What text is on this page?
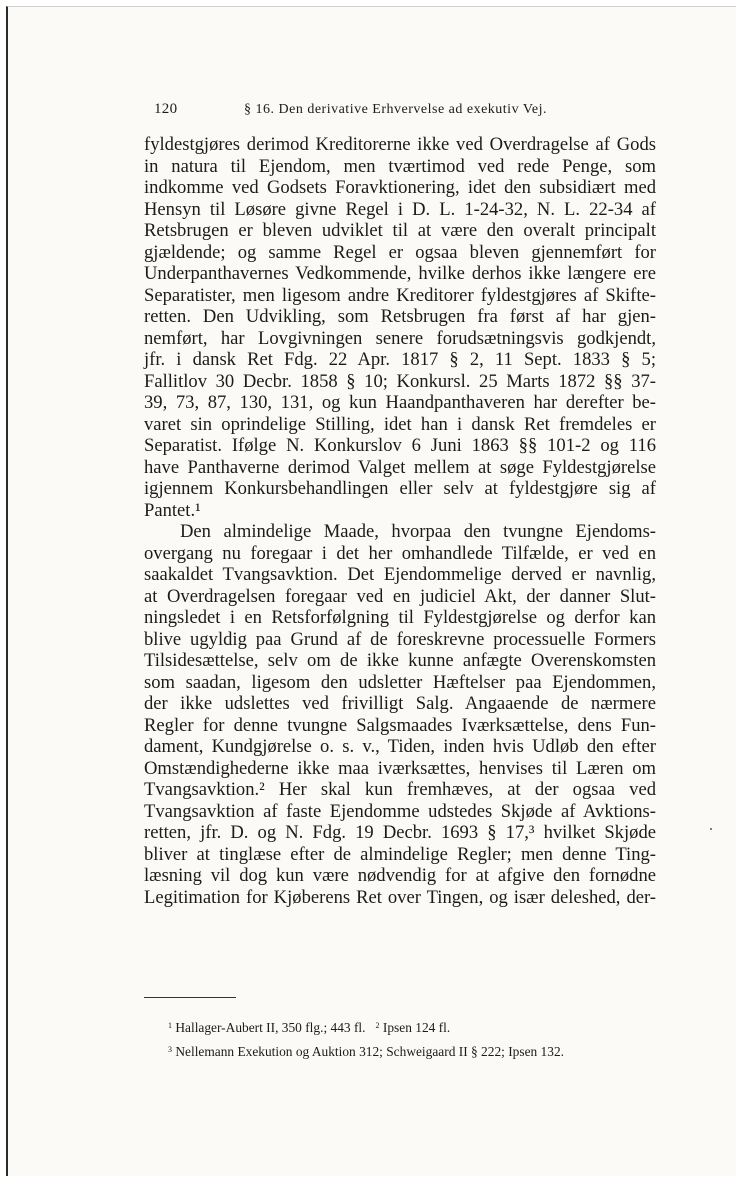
120	§ 16. Den derivative Erhvervelse ad exekutiv Vej.
fyldestgjøres derimod Kreditorerne ikke ved Overdragelse af Gods
in natura til Ejendom, men tværtimod ved rede Penge, som
indkomme ved Godsets Foravktionering, idet den subsidiært med
Hensyn til Løsøre givne Regel i D. L. 1-24-32, N. L. 22-34 af
Retsbrugen er bleven udviklet til at være den overalt principalt
gjældende; og samme Regel er ogsaa bleven gjennemført for
Underpanthavernes Vedkommende, hvilke derhos ikke længere ere
Separatister, men ligesom andre Kreditorer fyldestgjøres af Skifte-
retten. Den Udvikling, som Retsbrugen fra først af har gjen-
nemført, har Lovgivningen senere forudsætningsvis godkjendt,
jfr. i dansk Ret Fdg. 22 Apr. 1817 § 2, 11 Sept. 1833 § 5;
Fallitlov 30 Decbr. 1858 § 10; Konkursl. 25 Marts 1872 §§ 37-
39, 73, 87, 130, 131, og kun Haandpanthaveren har derefter be-
varet sin oprindelige Stilling, idet han i dansk Ret fremdeles er
Separatist. Ifølge N. Konkurslov 6 Juni 1863 §§ 101-2 og 116
have Panthaverne derimod Valget mellem at søge Fyldestgjørelse
igjennem Konkursbehandlingen eller selv at fyldestgjøre sig af
Pantet.¹
Den almindelige Maade, hvorpaa den tvungne Ejendoms-
overgang nu foregaar i det her omhandlede Tilfælde, er ved en
saakaldet Tvangsavktion. Det Ejendommelige derved er navnlig,
at Overdragelsen foregaar ved en judiciel Akt, der danner Slut-
ningsledet i en Retsforfølgning til Fyldestgjørelse og derfor kan
blive ugyldig paa Grund af de foreskrevne processuelle Formers
Tilsidesættelse, selv om de ikke kunne anfægte Overenskomsten
som saadan, ligesom den udsletter Hæftelser paa Ejendommen,
der ikke udslettes ved frivilligt Salg. Angaaende de nærmere
Regler for denne tvungne Salgsmaades Iværksættelse, dens Fun-
dament, Kundgjørelse o. s. v., Tiden, inden hvis Udløb den efter
Omstændighederne ikke maa iværksættes, henvises til Læren om
Tvangsavktion.² Her skal kun fremhæves, at der ogsaa ved
Tvangsavktion af faste Ejendomme udstedes Skjøde af Avktions-
retten, jfr. D. og N. Fdg. 19 Decbr. 1693 § 17,³ hvilket Skjøde
bliver at tinglæse efter de almindelige Regler; men denne Ting-
læsning vil dog kun være nødvendig for at afgive den fornødne
Legitimation for Kjøberens Ret over Tingen, og især deleshed, der-
$^1$ Hallager-Aubert II, 350 flg.; 443 fl. $^2$ Ipsen 124 fl.
$^3$ Nellemann Exekution og Auktion 312; Schweigaard II § 222; Ipsen 132.
